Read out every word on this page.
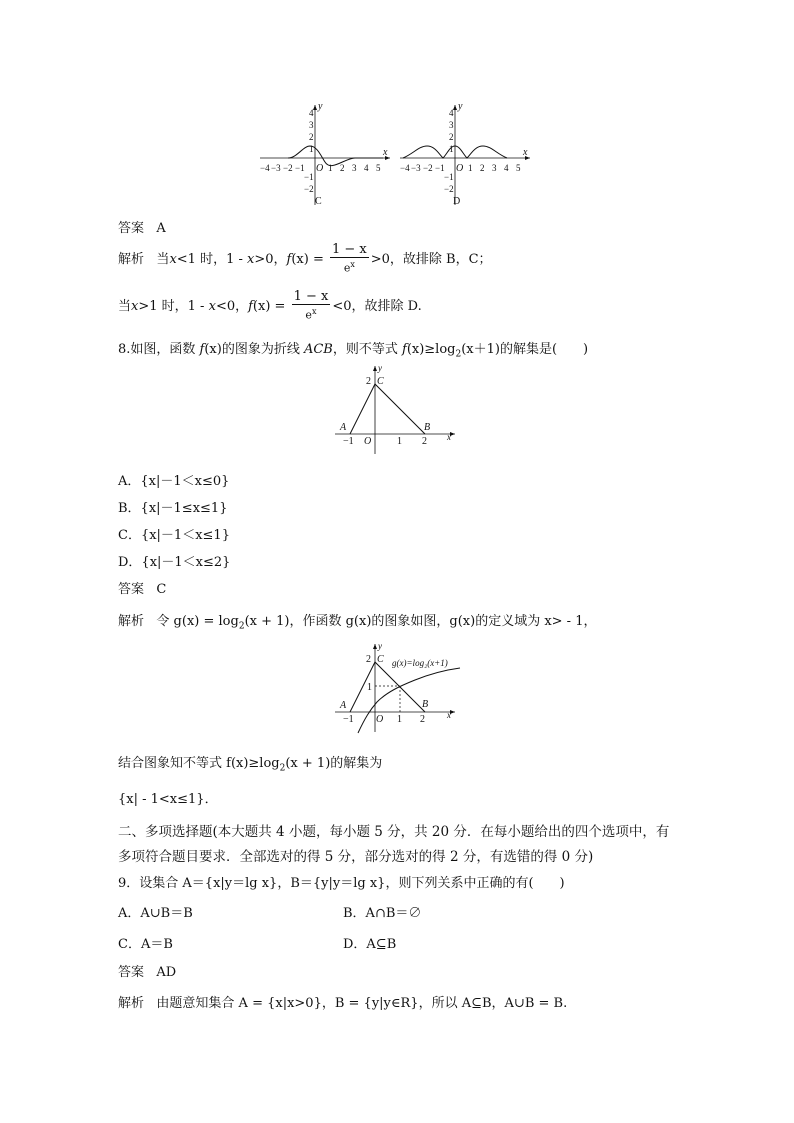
x
y
O
−4 −3 −2 −1	1 2 3 4 5
4
3
2
1
−1
−2
C
x
y
O
−4 −3 −2 −1	1 2 3 4 5
4
3
2
1
−1
−2
D
答案 A
解析 当x<1 时，1 - x>0，$f(x) = \frac{1 - x}{e^x} >0$，故排除 B，C；
当x>1 时，1 - x<0，$f(x) = \frac{1 - x}{e^x} <0$，故排除 D.
8.如图，函数 f(x)的图象为折线 ACB，则不等式 $f(x)\ge\log_2(x+1)$的解集是(　　)
A	B
C
2
y
x
O
−1	1 2
A．{x|－1＜x≤0}
B．{x|－1≤x≤1}
C．{x|－1＜x≤1}
D．{x|－1＜x≤2}
答案 C
解析 令 $g(x) = \log_2(x + 1)$，作函数 g(x)的图象如图，g(x)的定义域为 x> - 1，
A	B
C
2
1
y
x
O
−1	1 2
g(x)=log₂(x+1)
结合图象知不等式 $f(x)\ge\log_2(x + 1)$的解集为
{x| - 1<x≤1}．
二、多项选择题(本大题共 4 小题，每小题 5 分，共 20 分．在每小题给出的四个选项中，有
多项符合题目要求．全部选对的得 5 分，部分选对的得 2 分，有选错的得 0 分)
9．设集合 A＝{x|y＝lg x}，B＝{y|y＝lg x}，则下列关系中正确的有(　　)
A．A∪B＝B	B．A∩B＝∅
C．A＝B	D．A⊆B
答案 AD
解析 由题意知集合 A = {x|x>0}，B = {y|y∈R}，所以 A⊆B，A∪B = B.
